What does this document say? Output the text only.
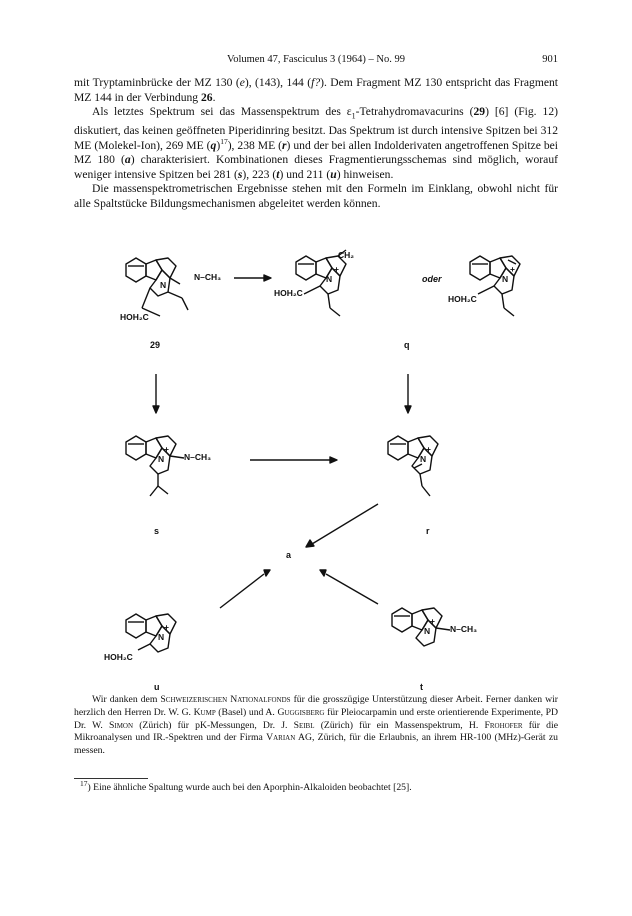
Volumen 47, Fasciculus 3 (1964) – No. 99	901

mit Tryptaminbrücke der MZ 130 (e), (143), 144 (f?). Dem Fragment MZ 130 entspricht das Fragment MZ 144 in der Verbindung 26.

Als letztes Spektrum sei das Massenspektrum des $\varepsilon_1$-Tetrahydromavacurins (29) [6] (Fig. 12) diskutiert, das keinen geöffneten Piperidinring besitzt. Das Spektrum ist durch intensive Spitzen bei 312 ME (Molekel-Ion), 269 ME $(q)^{17}$), 238 ME (r) und der bei allen Indolderivaten angetroffenen Spitze bei MZ 180 (a) charakterisiert. Kombinationen dieses Fragmentierungsschemas sind möglich, worauf weniger intensive Spitzen bei 281 (s), 223 (t) und 211 (u) hinweisen.

Die massenspektrometrischen Ergebnisse stehen mit den Formeln im Einklang, obwohl nicht für alle Spaltstücke Bildungsmechanismen abgeleitet werden können.

N–CH₃
N
HOH₂C
CH₂
+
N
HOH₂C
oder
+
N
HOH₂C
+
N N–CH₃
+
N
+
N
HOH₂C
+
N N–CH₃
29	q
s	r
a
u	t
Wir danken dem Schweizerischen Nationalfonds für die grosszügige Unterstützung dieser Arbeit. Ferner danken wir herzlich den Herren Dr. W. G. Kump (Basel) und A. Guggisberg für Pleiocarpamin und erste orientierende Experimente, PD Dr. W. Simon (Zürich) für pK-Messungen, Dr. J. Seibl (Zürich) für ein Massenspektrum, H. Frohofer für die Mikroanalysen und IR.-Spektren und der Firma Varian AG, Zürich, für die Erlaubnis, an ihrem HR-100 (MHz)-Gerät zu messen.
$^{17}$) Eine ähnliche Spaltung wurde auch bei den Aporphin-Alkaloiden beobachtet [25].
